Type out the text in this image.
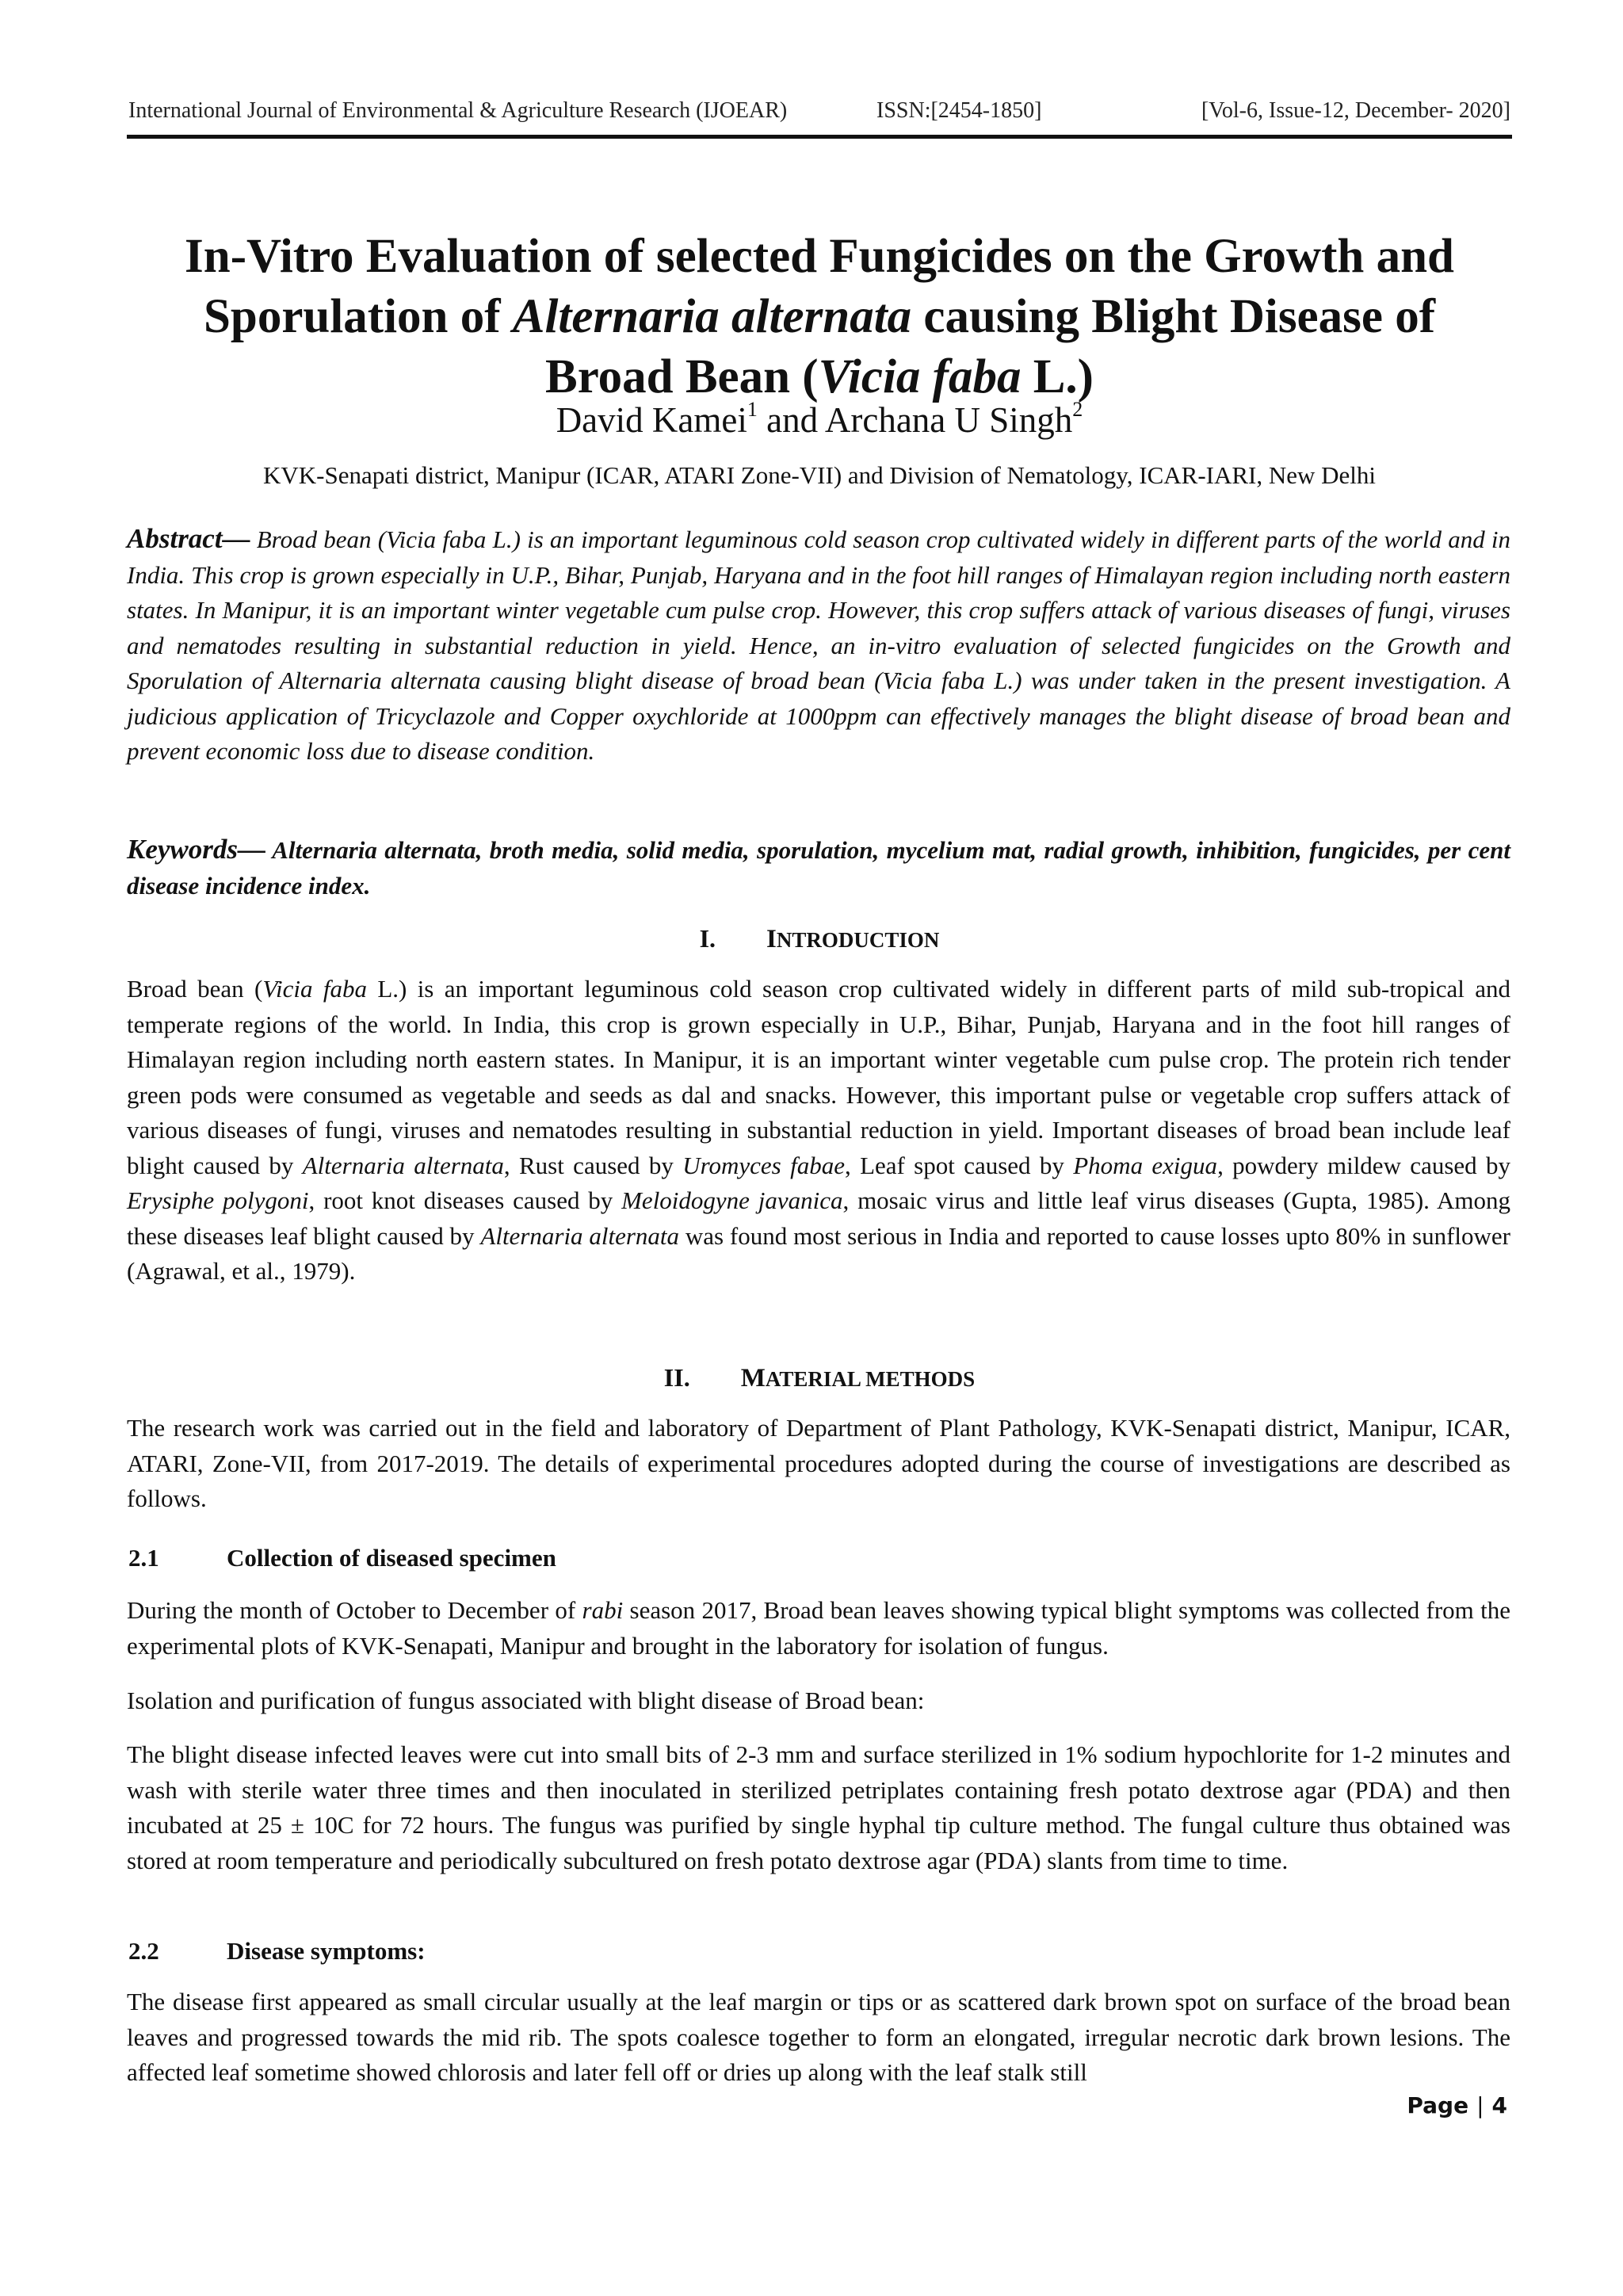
International Journal of Environmental & Agriculture Research (IJOEAR)	ISSN:[2454-1850]	[Vol-6, Issue-12, December- 2020]
In-Vitro Evaluation of selected Fungicides on the Growth and
Sporulation of Alternaria alternata causing Blight Disease of
Broad Bean (Vicia faba L.)
David Kamei$^1$ and Archana U Singh$^2$
KVK-Senapati district, Manipur (ICAR, ATARI Zone-VII) and Division of Nematology, ICAR-IARI, New Delhi

Abstract— Broad bean (Vicia faba L.) is an important leguminous cold season crop cultivated widely in different parts of the world and in India. This crop is grown especially in U.P., Bihar, Punjab, Haryana and in the foot hill ranges of Himalayan region including north eastern states. In Manipur, it is an important winter vegetable cum pulse crop. However, this crop suffers attack of various diseases of fungi, viruses and nematodes resulting in substantial reduction in yield. Hence, an in-vitro evaluation of selected fungicides on the Growth and Sporulation of Alternaria alternata causing blight disease of broad bean (Vicia faba L.) was under taken in the present investigation. A judicious application of Tricyclazole and Copper oxychloride at 1000ppm can effectively manages the blight disease of broad bean and prevent economic loss due to disease condition.

Keywords— Alternaria alternata, broth media, solid media, sporulation, mycelium mat, radial growth, inhibition, fungicides, per cent disease incidence index.

I. INTRODUCTION

Broad bean (Vicia faba L.) is an important leguminous cold season crop cultivated widely in different parts of mild sub-tropical and temperate regions of the world. In India, this crop is grown especially in U.P., Bihar, Punjab, Haryana and in the foot hill ranges of Himalayan region including north eastern states. In Manipur, it is an important winter vegetable cum pulse crop. The protein rich tender green pods were consumed as vegetable and seeds as dal and snacks. However, this important pulse or vegetable crop suffers attack of various diseases of fungi, viruses and nematodes resulting in substantial reduction in yield. Important diseases of broad bean include leaf blight caused by Alternaria alternata, Rust caused by Uromyces fabae, Leaf spot caused by Phoma exigua, powdery mildew caused by Erysiphe polygoni, root knot diseases caused by Meloidogyne javanica, mosaic virus and little leaf virus diseases (Gupta, 1985). Among these diseases leaf blight caused by Alternaria alternata was found most serious in India and reported to cause losses upto 80% in sunflower (Agrawal, et al., 1979).

II. MATERIAL METHODS

The research work was carried out in the field and laboratory of Department of Plant Pathology, KVK-Senapati district, Manipur, ICAR, ATARI, Zone-VII, from 2017-2019. The details of experimental procedures adopted during the course of investigations are described as follows.

2.1	Collection of diseased specimen

During the month of October to December of rabi season 2017, Broad bean leaves showing typical blight symptoms was collected from the experimental plots of KVK-Senapati, Manipur and brought in the laboratory for isolation of fungus.

Isolation and purification of fungus associated with blight disease of Broad bean:

The blight disease infected leaves were cut into small bits of 2-3 mm and surface sterilized in 1% sodium hypochlorite for 1-2 minutes and wash with sterile water three times and then inoculated in sterilized petriplates containing fresh potato dextrose agar (PDA) and then incubated at 25 ± 10C for 72 hours. The fungus was purified by single hyphal tip culture method. The fungal culture thus obtained was stored at room temperature and periodically subcultured on fresh potato dextrose agar (PDA) slants from time to time.

2.2	Disease symptoms:

The disease first appeared as small circular usually at the leaf margin or tips or as scattered dark brown spot on surface of the broad bean leaves and progressed towards the mid rib. The spots coalesce together to form an elongated, irregular necrotic dark brown lesions. The affected leaf sometime showed chlorosis and later fell off or dries up along with the leaf stalk still

Page | 4
